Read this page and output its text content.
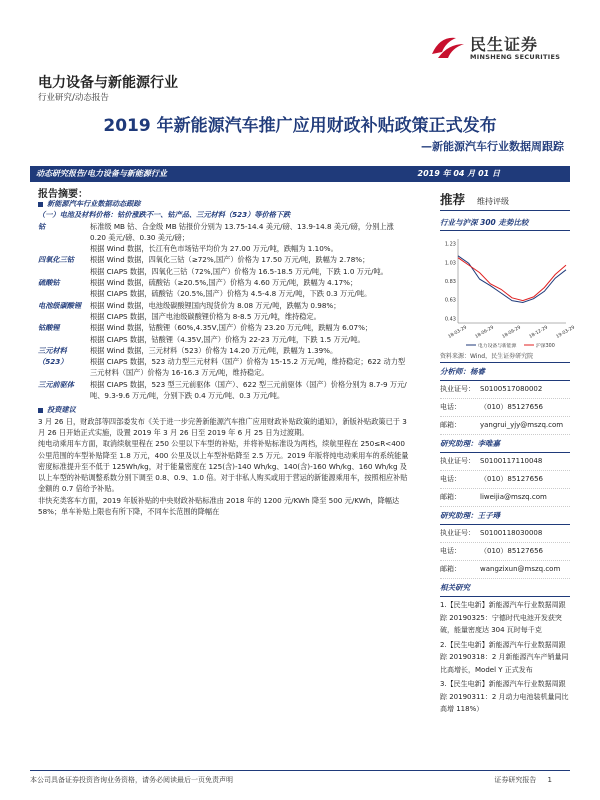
民生证券
MINSHENG SECURITIES
电力设备与新能源行业
行业研究/动态报告
2019 年新能源汽车推广应用财政补贴政策正式发布
—新能源汽车行业数据周跟踪
动态研究报告/电力设备与新能源行业	2019 年 04 月 01 日
报告摘要：
新能源汽车行业数据动态跟踪
（一）电池及材料价格：钴价涨跌不一、钴产品、三元材料（523）等价格下跌
钴	标准级 MB 钴、合金级 MB 钴报价分别为 13.75-14.4 美元/磅、13.9-14.8 美元/磅，分别上涨 0.20 美元/磅、0.30 美元/磅；
根据 Wind 数据，长江有色市场钴平均价为 27.00 万元/吨，跌幅为 1.10%。
四氧化三钴	根据 Wind 数据，四氧化三钴（≥72%,国产）价格为 17.50 万元/吨，跌幅为 2.78%；
根据 CIAPS 数据，四氧化三钴（72%,国产）价格为 16.5-18.5 万元/吨，下跌 1.0 万元/吨。
硫酸钴	根据 Wind 数据，硫酸钴（≥20.5%,国产）价格为 4.60 万元/吨，跌幅为 4.17%；
根据 CIAPS 数据，硫酸钴（20.5%,国产）价格为 4.5-4.8 万元/吨，下跌 0.3 万元/吨。
电池级碳酸锂	根据 Wind 数据，电池级碳酸锂国内现货价为 8.08 万元/吨，跌幅为 0.98%；
根据 CIAPS 数据，国产电池级碳酸锂价格为 8-8.5 万元/吨，维持稳定。
钴酸锂	根据 Wind 数据，钴酸锂（60%,4.35V,国产）价格为 23.20 万元/吨，跌幅为 6.07%；
根据 CIAPS 数据，钴酸锂（4.35V,国产）价格为 22-23 万元/吨，下跌 1.5 万元/吨。
三元材料（523）
根据 Wind 数据，三元材料（523）价格为 14.20 万元/吨，跌幅为 1.39%。
根据 CIAPS 数据，523 动力型三元材料（国产）价格为 15-15.2 万元/吨，维持稳定；622 动力型三元材料（国产）价格为 16-16.3 万元/吨，维持稳定。
三元前驱体	根据 CIAPS 数据，523 型三元前驱体（国产）、622 型三元前驱体（国产）价格分别为 8.7-9 万元/吨、9.3-9.6 万元/吨，分别下跌 0.4 万元/吨、0.3 万元/吨。
投资建议
3 月 26 日，财政部等四部委发布《关于进一步完善新能源汽车推广应用财政补贴政策的通知》，新版补贴政策已于 3 月 26 日开始正式实施，设置 2019 年 3 月 26 日至 2019 年 6 月 25 日为过渡期。
纯电动乘用车方面，取消续航里程在 250 公里以下车型的补贴，并将补贴标准设为两档，续航里程在 250≤R<400 公里范围的车型补贴降至 1.8 万元，400 公里及以上车型补贴降至 2.5 万元。2019 年版将纯电动乘用车的系统能量密度标准提升至不低于 125Wh/kg，对于能量密度在 125(含)-140 Wh/kg、140(含)-160 Wh/kg、160 Wh/kg 及以上车型的补贴调整系数分别下调至 0.8、0.9、1.0 倍。对于非私人购买或用于营运的新能源乘用车，按照相应补贴金额的 0.7 倍给予补贴。
非快充类客车方面，2019 年版补贴的中央财政补贴标准由 2018 年的 1200 元/KWh 降至 500 元/KWh，降幅达 58%；单车补贴上限也有所下降，不同车长范围的降幅在
推荐 维持评级
行业与沪深 300 走势比较
0.43
0.63
0.83
1.03
1.23
18-03-29 18-06-29 18-09-29 18-12-29 19-03-29
电力设备与新能源	沪深300
资料来源：Wind，民生证券研究院
分析师：杨睿
执业证号： S0100517080002
电话：	（010）85127656
邮箱：	yangrui_yjy@mszq.com
研究助理：李唯嘉
执业证号： S0100117110048
电话：	（010）85127656
邮箱：	liweijia@mszq.com
研究助理：王子璕
执业证号： S0100118030008
电话：	（010）85127656
邮箱：	wangzixun@mszq.com
相关研究
1.【民生电新】新能源汽车行业数据周跟踪 20190325：宁德时代电池开发获突破，能量密度达 304 瓦时每千克
2.【民生电新】新能源汽车行业数据周跟踪 20190318：2 月新能源汽车产销量同比高增长，Model Y 正式发布
3.【民生电新】新能源汽车行业数据周跟踪 20190311：2 月动力电池装机量同比高增 118%）
本公司具备证券投资咨询业务资格，请务必阅读最后一页免责声明	证券研究报告 1
